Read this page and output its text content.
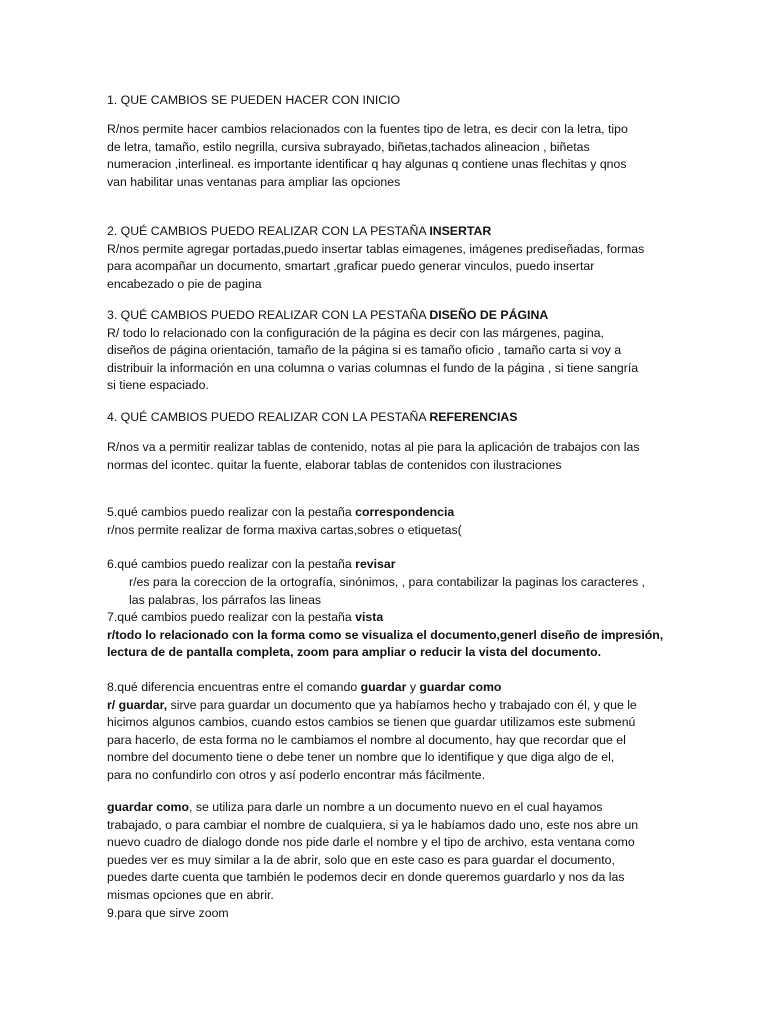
1. QUE CAMBIOS SE PUEDEN HACER CON INICIO

R/nos permite hacer cambios relacionados con la fuentes tipo de letra, es decir con la letra, tipo
de letra, tamaño, estilo negrilla, cursiva subrayado, biñetas,tachados alineacion , biñetas
numeracion ,interlineal. es importante identificar q hay algunas q contiene unas flechitas y qnos
van habilitar unas ventanas para ampliar las opciones

2. QUÉ CAMBIOS PUEDO REALIZAR CON LA PESTAÑA INSERTAR
R/nos permite agregar portadas,puedo insertar tablas eimagenes, imágenes prediseñadas, formas
para acompañar un documento, smartart ,graficar puedo generar vinculos, puedo insertar
encabezado o pie de pagina

3. QUÉ CAMBIOS PUEDO REALIZAR CON LA PESTAÑA DISEÑO DE PÁGINA
R/ todo lo relacionado con la configuración de la página es decir con las márgenes, pagina,
diseños de página orientación, tamaño de la página si es tamaño oficio , tamaño carta si voy a
distribuir la información en una columna o varias columnas el fundo de la página , si tiene sangría
si tiene espaciado.

4. QUÉ CAMBIOS PUEDO REALIZAR CON LA PESTAÑA REFERENCIAS

R/nos va a permitir realizar tablas de contenido, notas al pie para la aplicación de trabajos con las
normas del icontec. quitar la fuente, elaborar tablas de contenidos con ilustraciones

5.qué cambios puedo realizar con la pestaña correspondencia
r/nos permite realizar de forma maxiva cartas,sobres o etiquetas(

6.qué cambios puedo realizar con la pestaña revisar

r/es para la coreccion de la ortografía, sinónimos, , para contabilizar la paginas los caracteres ,
las palabras, los párrafos las lineas

7.qué cambios puedo realizar con la pestaña vista
r/todo lo relacionado con la forma como se visualiza el documento,generl diseño de impresión,
lectura de de pantalla completa, zoom para ampliar o reducir la vista del documento.

8.qué diferencia encuentras entre el comando guardar y guardar como
r/ guardar, sirve para guardar un documento que ya habíamos hecho y trabajado con él, y que le
hicimos algunos cambios, cuando estos cambios se tienen que guardar utilizamos este submenú
para hacerlo, de esta forma no le cambiamos el nombre al documento, hay que recordar que el
nombre del documento tiene o debe tener un nombre que lo identifique y que diga algo de el,
para no confundirlo con otros y así poderlo encontrar más fácilmente.

guardar como, se utiliza para darle un nombre a un documento nuevo en el cual hayamos
trabajado, o para cambiar el nombre de cualquiera, si ya le habíamos dado uno, este nos abre un
nuevo cuadro de dialogo donde nos pide darle el nombre y el tipo de archivo, esta ventana como
puedes ver es muy similar a la de abrir, solo que en este caso es para guardar el documento,
puedes darte cuenta que también le podemos decir en donde queremos guardarlo y nos da las
mismas opciones que en abrir.
9.para que sirve zoom
